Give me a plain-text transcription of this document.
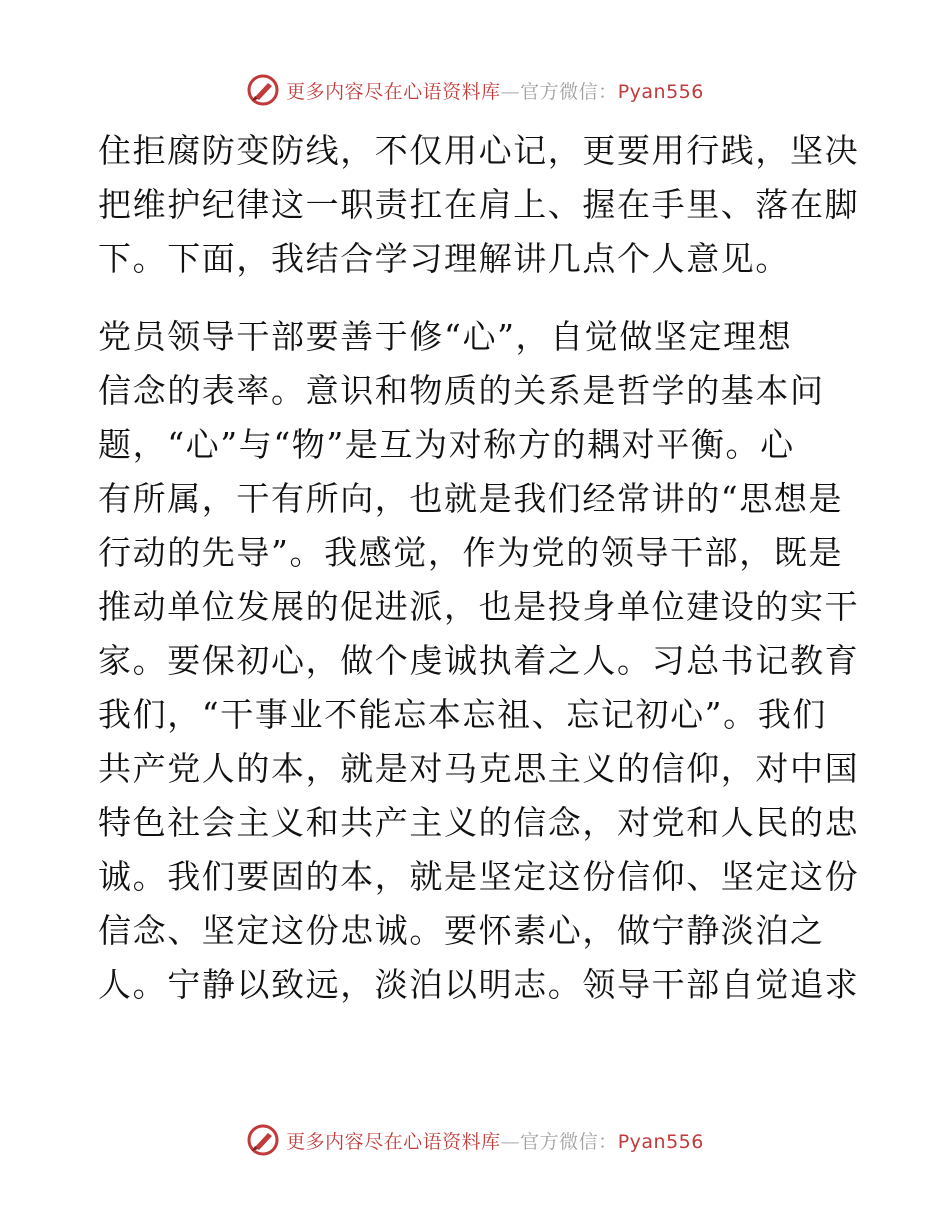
更多内容尽在心语资料库—官方微信：Pyan556
住拒腐防变防线，不仅用心记，更要用行践，坚决
把维护纪律这一职责扛在肩上、握在手里、落在脚
下。下面，我结合学习理解讲几点个人意见。
党员领导干部要善于修“心”，自觉做坚定理想
信念的表率。意识和物质的关系是哲学的基本问
题，“心”与“物”是互为对称方的耦对平衡。心
有所属，干有所向，也就是我们经常讲的“思想是
行动的先导”。我感觉，作为党的领导干部，既是
推动单位发展的促进派，也是投身单位建设的实干
家。要保初心，做个虔诚执着之人。习总书记教育
我们，“干事业不能忘本忘祖、忘记初心”。我们
共产党人的本，就是对马克思主义的信仰，对中国
特色社会主义和共产主义的信念，对党和人民的忠
诚。我们要固的本，就是坚定这份信仰、坚定这份
信念、坚定这份忠诚。要怀素心，做宁静淡泊之
人。宁静以致远，淡泊以明志。领导干部自觉追求
更多内容尽在心语资料库—官方微信：Pyan556
